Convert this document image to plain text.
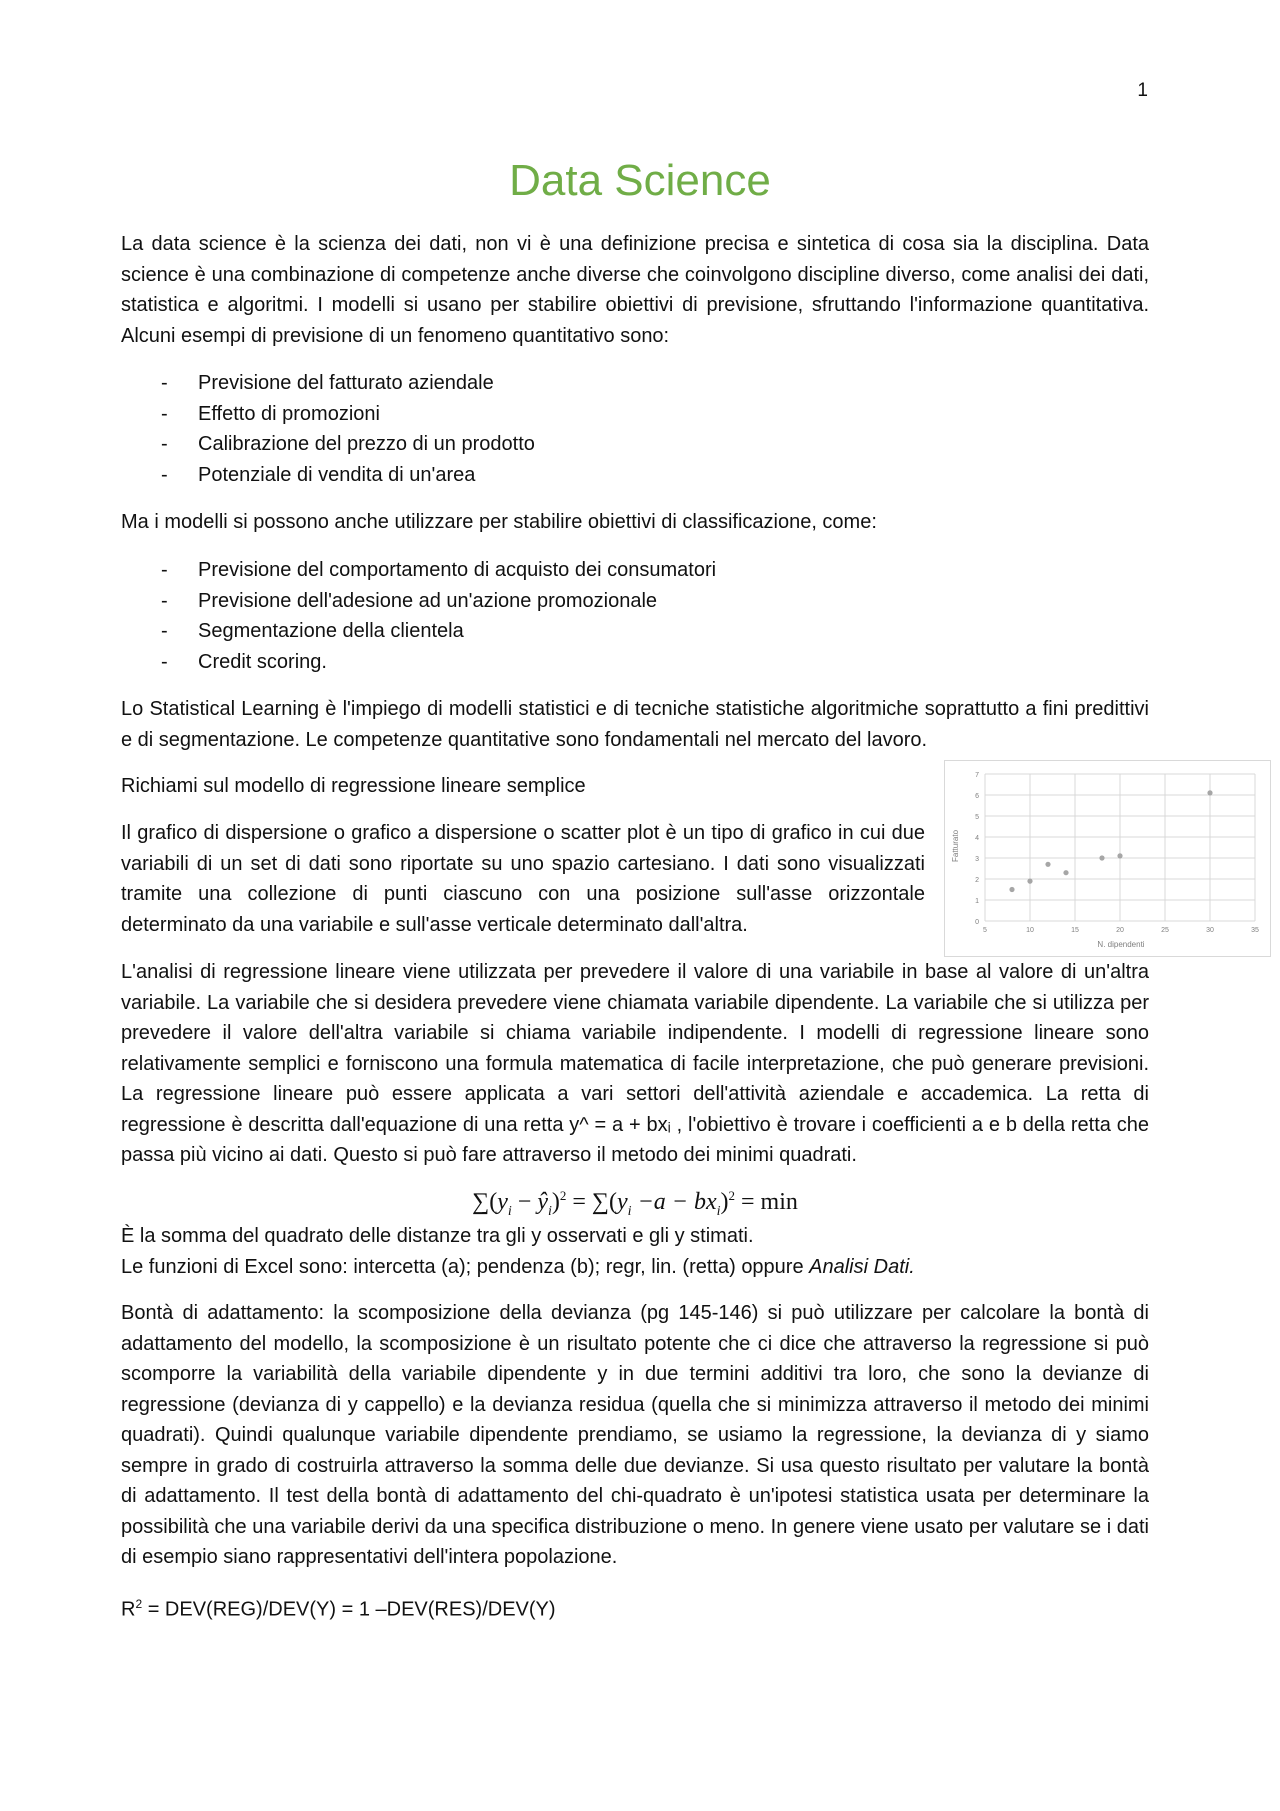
1
Data Science

La data science è la scienza dei dati, non vi è una definizione precisa e sintetica di cosa sia la disciplina. Data science è una combinazione di competenze anche diverse che coinvolgono discipline diverso, come analisi dei dati, statistica e algoritmi. I modelli si usano per stabilire obiettivi di previsione, sfruttando l'informazione quantitativa. Alcuni esempi di previsione di un fenomeno quantitativo sono:

- Previsione del fatturato aziendale
- Effetto di promozioni
- Calibrazione del prezzo di un prodotto
- Potenziale di vendita di un'area

Ma i modelli si possono anche utilizzare per stabilire obiettivi di classificazione, come:

- Previsione del comportamento di acquisto dei consumatori
- Previsione dell'adesione ad un'azione promozionale
- Segmentazione della clientela
- Credit scoring.

Lo Statistical Learning è l'impiego di modelli statistici e di tecniche statistiche algoritmiche soprattutto a fini predittivi e di segmentazione. Le competenze quantitative sono fondamentali nel mercato del lavoro.

Richiami sul modello di regressione lineare semplice

Il grafico di dispersione o grafico a dispersione o scatter plot è un tipo di grafico in cui due variabili di un set di dati sono riportate su uno spazio cartesiano. I dati sono visualizzati tramite una collezione di punti ciascuno con una posizione sull'asse orizzontale determinato da una variabile e sull'asse verticale determinato dall'altra.	0
1
2
3
4
5
6
7
5	10	15	20	25	30	35
N. dipendenti
Fatturato

L'analisi di regressione lineare viene utilizzata per prevedere il valore di una variabile in base al valore di un'altra variabile. La variabile che si desidera prevedere viene chiamata variabile dipendente. La variabile che si utilizza per prevedere il valore dell'altra variabile si chiama variabile indipendente. I modelli di regressione lineare sono relativamente semplici e forniscono una formula matematica di facile interpretazione, che può generare previsioni. La regressione lineare può essere applicata a vari settori dell'attività aziendale e accademica. La retta di regressione è descritta dall'equazione di una retta y^ = a + bxᵢ , l'obiettivo è trovare i coefficienti a e b della retta che passa più vicino ai dati. Questo si può fare attraverso il metodo dei minimi quadrati.

$\sum(y_i$ − $ŷ_i)^2 = \sum(y_i -a - bx_i)^2 = \min$

È la somma del quadrato delle distanze tra gli y osservati e gli y stimati.

Le funzioni di Excel sono: intercetta (a); pendenza (b); regr, lin. (retta) oppure Analisi Dati.

Bontà di adattamento: la scomposizione della devianza (pg 145-146) si può utilizzare per calcolare la bontà di adattamento del modello, la scomposizione è un risultato potente che ci dice che attraverso la regressione si può scomporre la variabilità della variabile dipendente y in due termini additivi tra loro, che sono la devianze di regressione (devianza di y cappello) e la devianza residua (quella che si minimizza attraverso il metodo dei minimi quadrati). Quindi qualunque variabile dipendente prendiamo, se usiamo la regressione, la devianza di y siamo sempre in grado di costruirla attraverso la somma delle due devianze. Si usa questo risultato per valutare la bontà di adattamento. Il test della bontà di adattamento del chi-quadrato è un'ipotesi statistica usata per determinare la possibilità che una variabile derivi da una specifica distribuzione o meno. In genere viene usato per valutare se i dati di esempio siano rappresentativi dell'intera popolazione.

$R^2 = DEV(REG)/DEV(Y) = 1$ –DEV(RES)/DEV(Y)
